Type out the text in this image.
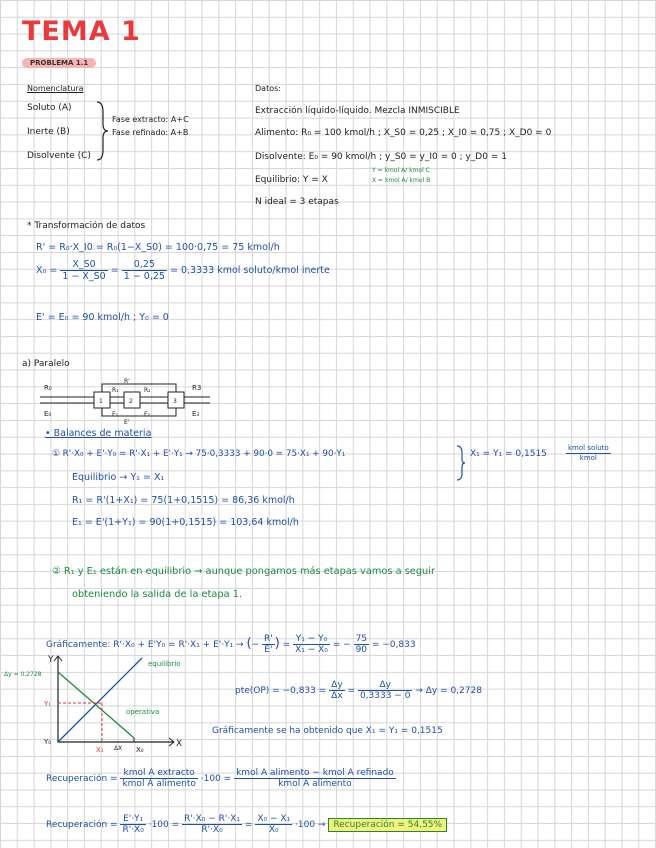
TEMA 1
PROBLEMA 1.1
Nomenclatura
Soluto (A)
Inerte (B)
Disolvente (C)
Fase extracto: A+C
Fase refinado: A+B
Datos:
Extracción líquido-líquido. Mezcla INMISCIBLE
Alimento: R₀ = 100 kmol/h ; X_S0 = 0,25 ; X_I0 = 0,75 ; X_D0 = 0
Disolvente: E₀ = 90 kmol/h ; y_S0 = y_I0 = 0 ; y_D0 = 1
Equilibrio: Y = X
Y = kmol A/ kmol C
X = kmol A/ kmol B
N ideal = 3 etapas
* Transformación de datos
R' = R₀·X_I0 = R₀(1−X_S0) = 100·0,75 = 75 kmol/h
$X_0 = \frac{X\_S0}{1 - X\_S0} = \frac{0,25}{1 - 0,25} = 0,3333$ kmol soluto/kmol inerte
E' = E₀ = 90 kmol/h ; Y₀ = 0
a) Paralelo
R₀
E₀
R₁
E₁
R'
R₂
E₂
R3
E₃
E'
1	2	3
• Balances de materia
① R'·X₀ + E'·Y₀ = R'·X₁ + E'·Y₁ → 75·0,3333 + 90·0 = 75·X₁ + 90·Y₁	X₁ = Y₁ = 0,1515	$\frac{\text{kmol soluto}}{\text{kmol}}$
Equilibrio → Y₁ = X₁
R₁ = R'(1+X₁) = 75(1+0,1515) = 86,36 kmol/h
E₁ = E'(1+Y₁) = 90(1+0,1515) = 103,64 kmol/h
② R₁ y E₁ están en equilibrio → aunque pongamos más etapas vamos a seguir
obteniendo la salida de la etapa 1.
Gráficamente: R'·X₀ + E'Y₀ = R'·X₁ + E'·Y₁ → (− $\frac{R'}{E'}$ ) = $\frac{\text{Y₁ − Y₀}}{\text{X₁ − X₀}}$ = − $\frac{75}{90} = -0,833$
Δy = 0,2728
Y
X
Y₁
Y₀
X₁ ΔX X₀
equilibrio
operativa
$pte(OP) = -0,833 = \frac{\Delta y}{\Delta x} = \frac{\Delta y}{0,3333 - 0} \to \Delta y = 0,2728$
Gráficamente se ha obtenido que X₁ = Y₁ = 0,1515
Recuperación = $\frac{\text{kmol A extracto}}{\text{kmol A alimento}} \cdot 100 = \frac{\text{kmol A alimento − kmol A refinado}}{\text{kmol A alimento}}$
Recuperación = $\frac{\text{E'·Y₁}}{\text{R'·X₀}} \cdot 100 = \frac{\text{R'·X₀ − R'·X₁}}{\text{R'·X₀}} = \frac{\text{X₀ − X₁}}{\text{X₀}} \cdot 100$ → Recuperación = 54,55%
